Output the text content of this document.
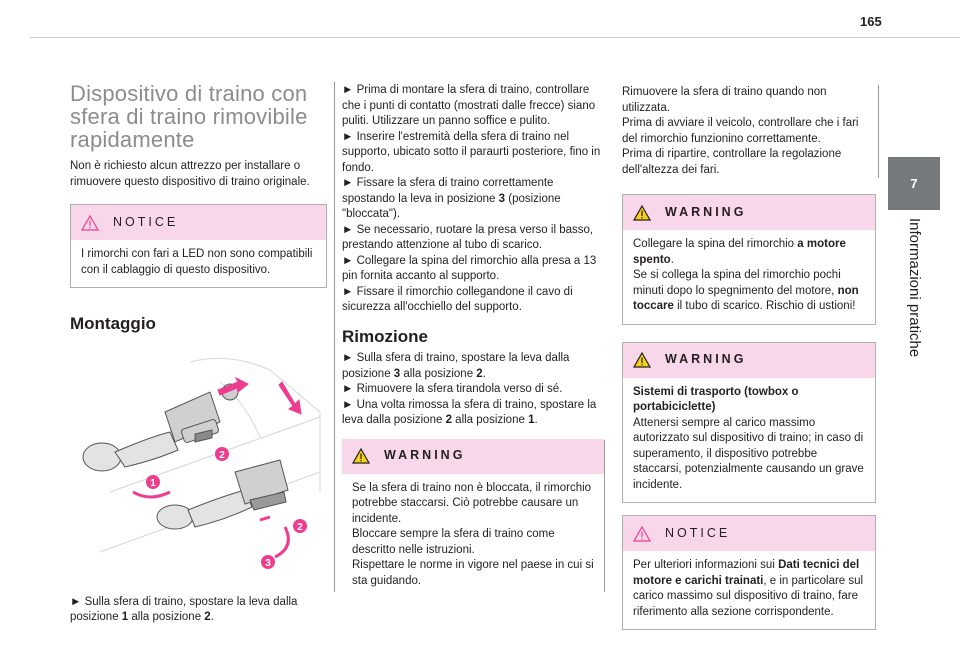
165
7
Informazioni pratiche
Dispositivo di traino con
sfera di traino rimovibile
rapidamente

Non è richiesto alcun attrezzo per installare o rimuovere questo dispositivo di traino originale.

NOTICE
I rimorchi con fari a LED non sono compatibili con il cablaggio di questo dispositivo.
Montaggio
2
1
2
3

► Sulla sfera di traino, spostare la leva dalla posizione 1 alla posizione 2.

► Prima di montare la sfera di traino, controllare che i punti di contatto (mostrati dalle frecce) siano puliti. Utilizzare un panno soffice e pulito.

► Inserire l'estremità della sfera di traino nel supporto, ubicato sotto il paraurti posteriore, fino in fondo.

► Fissare la sfera di traino correttamente spostando la leva in posizione 3 (posizione "bloccata").

► Se necessario, ruotare la presa verso il basso, prestando attenzione al tubo di scarico.

► Collegare la spina del rimorchio alla presa a 13 pin fornita accanto al supporto.

► Fissare il rimorchio collegandone il cavo di sicurezza all'occhiello del supporto.

Rimozione

► Sulla sfera di traino, spostare la leva dalla posizione 3 alla posizione 2.

► Rimuovere la sfera tirandola verso di sé.

► Una volta rimossa la sfera di traino, spostare la leva dalla posizione 2 alla posizione 1.

WARNING

Se la sfera di traino non è bloccata, il rimorchio potrebbe staccarsi. Ciò potrebbe causare un incidente.

Bloccare sempre la sfera di traino come descritto nelle istruzioni.

Rispettare le norme in vigore nel paese in cui si sta guidando.

Rimuovere la sfera di traino quando non utilizzata.

Prima di avviare il veicolo, controllare che i fari del rimorchio funzionino correttamente.

Prima di ripartire, controllare la regolazione dell'altezza dei fari.

WARNING

Collegare la spina del rimorchio a motore spento.

Se si collega la spina del rimorchio pochi minuti dopo lo spegnimento del motore, non toccare il tubo di scarico. Rischio di ustioni!

WARNING

Sistemi di trasporto (towbox o portabiciclette)

Attenersi sempre al carico massimo autorizzato sul dispositivo di traino; in caso di superamento, il dispositivo potrebbe staccarsi, potenzialmente causando un grave incidente.

NOTICE
Per ulteriori informazioni sui Dati tecnici del motore e carichi trainati, e in particolare sul carico massimo sul dispositivo di traino, fare riferimento alla sezione corrispondente.
